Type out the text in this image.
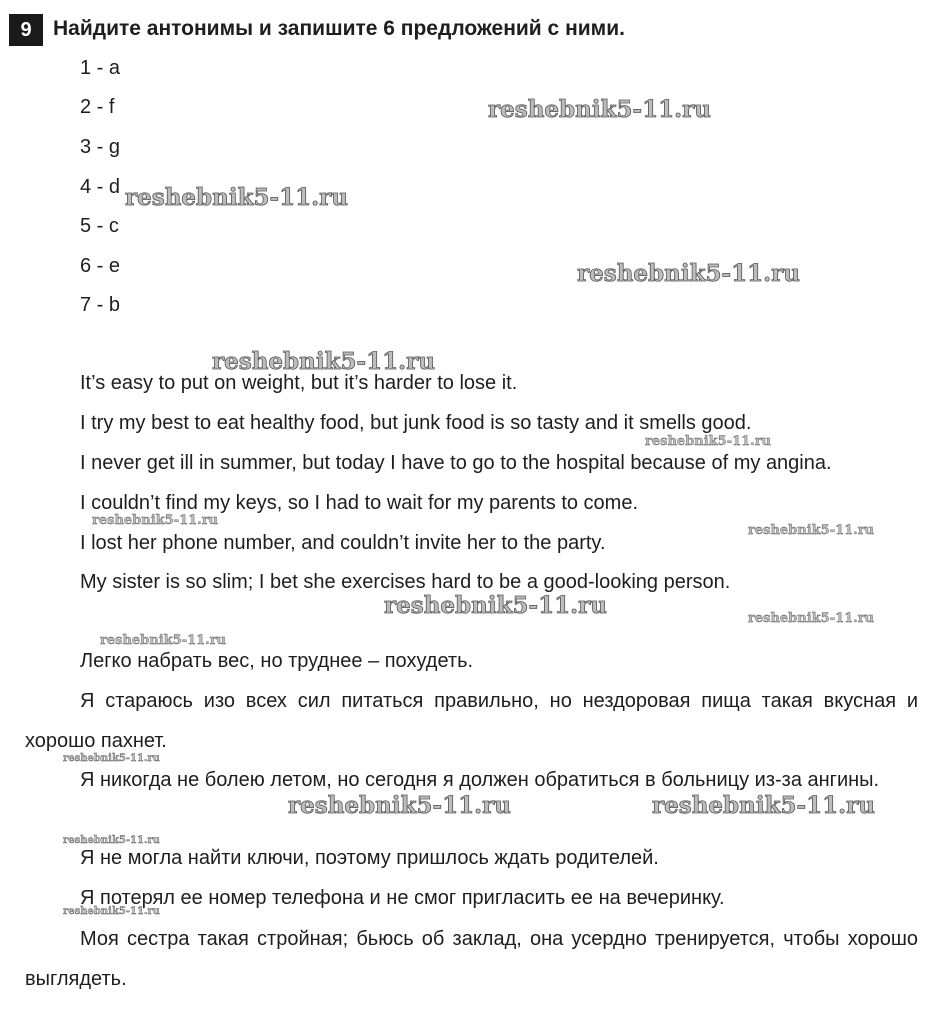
9	Найдите антонимы и запишите 6 предложений с ними.
1 - a
2 - f
3 - g
4 - d
5 - c
6 - e
7 - b
It’s easy to put on weight, but it’s harder to lose it.
I try my best to eat healthy food, but junk food is so tasty and it smells good.
I never get ill in summer, but today I have to go to the hospital because of my angina.
I couldn’t find my keys, so I had to wait for my parents to come.
I lost her phone number, and couldn’t invite her to the party.
My sister is so slim; I bet she exercises hard to be a good-looking person.
Легко набрать вес, но труднее – похудеть.
Я стараюсь изо всех сил питаться правильно, но нездоровая пища такая вкусная и хорошо пахнет.
Я никогда не болею летом, но сегодня я должен обратиться в больницу из-за ангины.
Я не могла найти ключи, поэтому пришлось ждать родителей.
Я потерял ее номер телефона и не смог пригласить ее на вечеринку.
Моя сестра такая стройная; бьюсь об заклад, она усердно тренируется, чтобы хорошо выглядеть.
reshebnik5-11.ru
reshebnik5-11.ru
reshebnik5-11.ru
reshebnik5-11.ru
reshebnik5-11.ru
reshebnik5-11.ru	reshebnik5-11.ru
reshebnik5-11.ru
reshebnik5-11.ru
reshebnik5-11.ru
reshebnik5-11.ru
reshebnik5-11.ru
reshebnik5-11.ru
reshebnik5-11.ru
reshebnik5-11.ru
